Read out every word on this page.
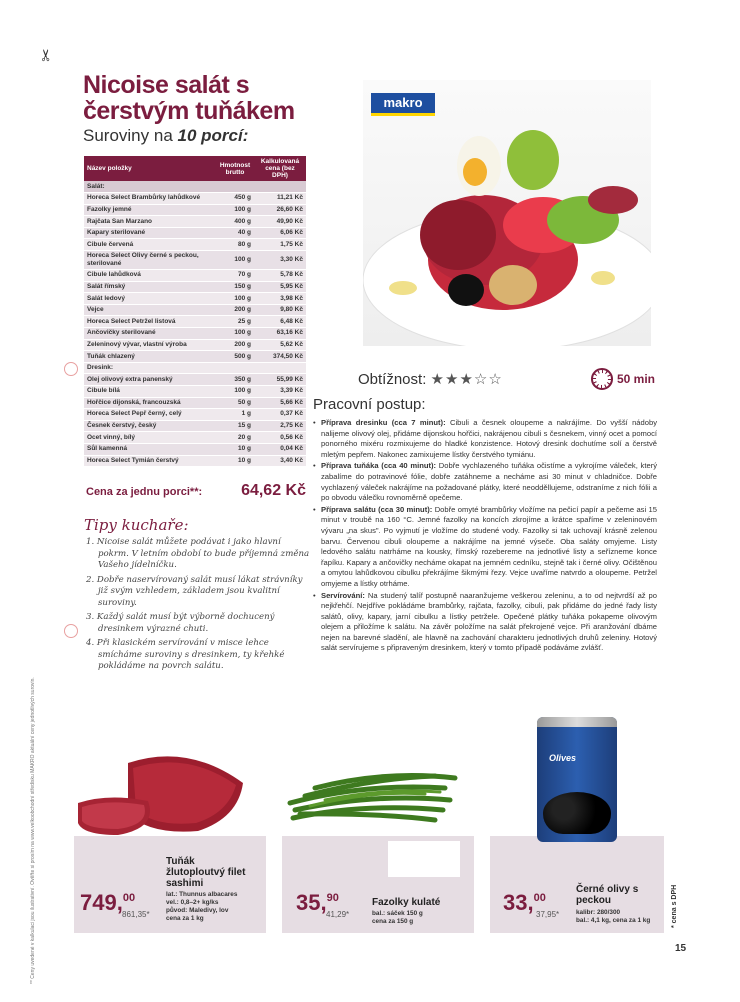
✂
** Ceny uvedené v kalkulaci jsou ilustrativní. Ověřte si prosím na www.velkoobchodní středisku MAKRO aktuální ceny jednotlivých surovin.
Nicoise salát s čerstvým tuňákem
Suroviny na 10 porcí:
Název položky	Hmotnost brutto	Kalkulovaná cena (bez DPH)
Salát:		
Horeca Select Brambůrky lahůdkové	450 g	11,21 Kč
Fazolky jemné	100 g	26,60 Kč
Rajčata San Marzano	400 g	49,90 Kč
Kapary sterilované	40 g	6,06 Kč
Cibule červená	80 g	1,75 Kč
Horeca Select Olivy černé s peckou, sterilované	100 g	3,30 Kč
Cibule lahůdková	70 g	5,78 Kč
Salát římský	150 g	5,95 Kč
Salát ledový	100 g	3,98 Kč
Vejce	200 g	9,80 Kč
Horeca Select Petržel listová	25 g	6,48 Kč
Ančovičky sterilované	100 g	63,16 Kč
Zeleninový vývar, vlastní výroba	200 g	5,62 Kč
Tuňák chlazený	500 g	374,50 Kč
Dresink:		
Olej olivový extra panenský	350 g	55,99 Kč
Cibule bílá	100 g	3,39 Kč
Hořčice dijonská, francouzská	50 g	5,66 Kč
Horeca Select Pepř černý, celý	1 g	0,37 Kč
Česnek čerstvý, český	15 g	2,75 Kč
Ocet vinný, bílý	20 g	0,56 Kč
Sůl kamenná	10 g	0,04 Kč
Horeca Select Tymián čerstvý	10 g	3,40 Kč
Cena za jednu porci**: 64,62 Kč
Tipy kuchaře:
1. Nicoise salát můžete podávat i jako hlavní pokrm. V letním období to bude příjemná změna Vašeho jídelníčku.
2. Dobře naservírovaný salát musí lákat strávníky již svým vzhledem, základem jsou kvalitní suroviny.
3. Každý salát musí být výborně dochucený dresinkem výrazné chuti.
4. Při klasickém servírování v misce lehce smícháme suroviny s dresinkem, ty křehké pokládáme na povrch salátu.
makro
Obtížnost: ★★★☆☆	50 min
Pracovní postup:
• Příprava dresinku (cca 7 minut): Cibuli a česnek oloupeme a nakrájíme. Do vyšší nádoby nalijeme olivový olej, přidáme dijonskou hořčici, nakrájenou cibuli s česnekem, vinný ocet a pomocí ponorného mixéru rozmixujeme do hladké konzistence. Hotový dresink dochutíme solí a čerstvě mletým pepřem. Nakonec zamixujeme lístky čerstvého tymiánu.
• Příprava tuňáka (cca 40 minut): Dobře vychlazeného tuňáka očistíme a vykrojíme váleček, který zabalíme do potravinové fólie, dobře zatáhneme a necháme asi 30 minut v chladničce. Dobře vychlazený váleček nakrájíme na požadované plátky, které neodděllujeme, odstraníme z nich fólii a po obvodu válečku rovnoměrně opečeme.
• Příprava salátu (cca 30 minut): Dobře omyté brambůrky vložíme na pečicí papír a pečeme asi 15 minut v troubě na 160 °C. Jemné fazolky na koncích zkrojíme a krátce spaříme v zeleninovém vývaru „na skus". Po vyjmutí je vložíme do studené vody. Fazolky si tak uchovají krásně zelenou barvu. Červenou cibuli oloupeme a nakrájíme na jemné výseče. Oba saláty omyjeme. Listy ledového salátu natrháme na kousky, římský rozebereme na jednotlivé listy a seřízneme konce řapíku. Kapary a ančovičky necháme okapat na jemném cedníku, stejně tak i černé olivy. Očištěnou a omytou lahůdkovou cibulku překrájíme šikmými řezy. Vejce uvaříme natvrdo a oloupeme. Petržel omyjeme a lístky otrháme.
• Servírování: Na studený talíř postupně naaranžujeme veškerou zeleninu, a to od nejtvrdší až po nejkřehčí. Nejdříve pokládáme brambůrky, rajčata, fazolky, cibuli, pak přidáme do jedné řady listy salátů, olivy, kapary, jarní cibulku a lístky petržele. Opečené plátky tuňáka pokapeme olivovým olejem a přiložíme k salátu. Na závěr položíme na salát překrojené vejce. Při aranžování dbáme nejen na barevné sladění, ale hlavně na zachování charakteru jednotlivých druhů zeleniny. Hotový salát servírujeme s připraveným dresinkem, který v tomto případě podáváme zvlášť.
Olives
Tuňák žlutoploutvý filet sashimi
lat.: Thunnus albacares
vel.: 0,8–2+ kg/ks
původ: Maledivy, lov
cena za 1 kg
749,00
861,35*
Fazolky kulaté
bal.: sáček 150 g
cena za 150 g
35,90
41,29*
Černé olivy s peckou
kalibr: 280/300
bal.: 4,1 kg, cena za 1 kg
33,00
37,95*	* cena s DPH
15
